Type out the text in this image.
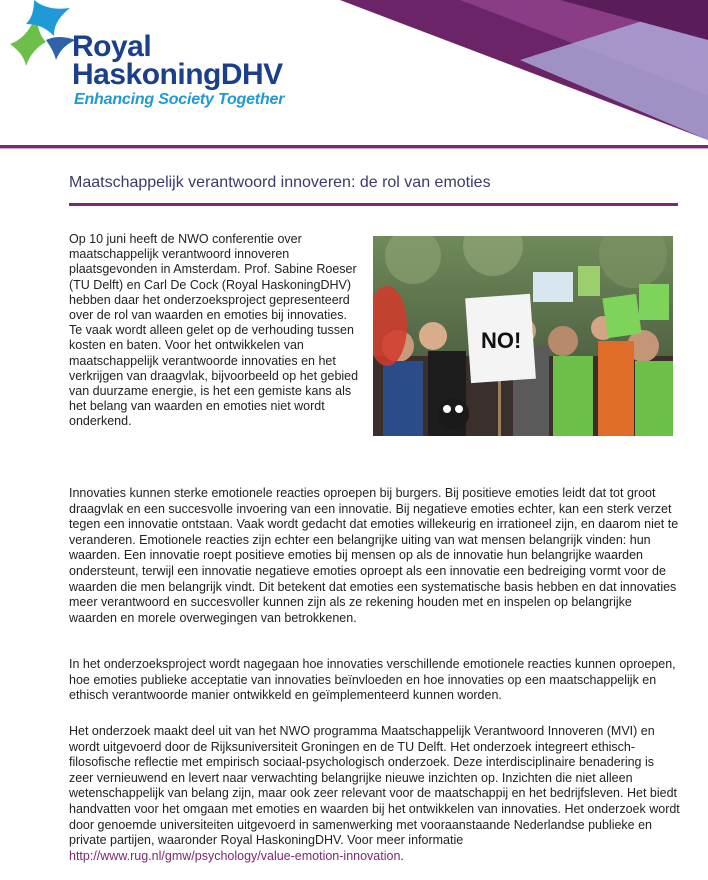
Royal
HaskoningDHV
Enhancing Society Together
Maatschappelijk verantwoord innoveren: de rol van emoties

Op 10 juni heeft de NWO conferentie over maatschappelijk verantwoord innoveren plaatsgevonden in Amsterdam. Prof. Sabine Roeser (TU Delft) en Carl De Cock (Royal HaskoningDHV) hebben daar het onderzoeksproject gepresenteerd over de rol van waarden en emoties bij innovaties.

Te vaak wordt alleen gelet op de verhouding tussen kosten en baten. Voor het ontwikkelen van maatschappelijk verantwoorde innovaties en het verkrijgen van draagvlak, bijvoorbeeld op het gebied van duurzame energie, is het een gemiste kans als het belang van waarden en emoties niet wordt onderkend.

NO!

Innovaties kunnen sterke emotionele reacties oproepen bij burgers. Bij positieve emoties leidt dat tot groot draagvlak en een succesvolle invoering van een innovatie. Bij negatieve emoties echter, kan een sterk verzet tegen een innovatie ontstaan. Vaak wordt gedacht dat emoties willekeurig en irrationeel zijn, en daarom niet te veranderen. Emotionele reacties zijn echter een belangrijke uiting van wat mensen belangrijk vinden: hun waarden. Een innovatie roept positieve emoties bij mensen op als de innovatie hun belangrijke waarden ondersteunt, terwijl een innovatie negatieve emoties oproept als een innovatie een bedreiging vormt voor de waarden die men belangrijk vindt. Dit betekent dat emoties een systematische basis hebben en dat innovaties meer verantwoord en succesvoller kunnen zijn als ze rekening houden met en inspelen op belangrijke waarden en morele overwegingen van betrokkenen.

In het onderzoeksproject wordt nagegaan hoe innovaties verschillende emotionele reacties kunnen oproepen, hoe emoties publieke acceptatie van innovaties beïnvloeden en hoe innovaties op een maatschappelijk en ethisch verantwoorde manier ontwikkeld en geïmplementeerd kunnen worden.

Het onderzoek maakt deel uit van het NWO programma Maatschappelijk Verantwoord Innoveren (MVI) en wordt uitgevoerd door de Rijksuniversiteit Groningen en de TU Delft. Het onderzoek integreert ethisch-filosofische reflectie met empirisch sociaal-psychologisch onderzoek. Deze interdisciplinaire benadering is zeer vernieuwend en levert naar verwachting belangrijke nieuwe inzichten op. Inzichten die niet alleen wetenschappelijk van belang zijn, maar ook zeer relevant voor de maatschappij en het bedrijfsleven. Het biedt handvatten voor het omgaan met emoties en waarden bij het ontwikkelen van innovaties. Het onderzoek wordt door genoemde universiteiten uitgevoerd in samenwerking met vooraanstaande Nederlandse publieke en private partijen, waaronder Royal HaskoningDHV. Voor meer informatie http://www.rug.nl/gmw/psychology/value-emotion-innovation.
